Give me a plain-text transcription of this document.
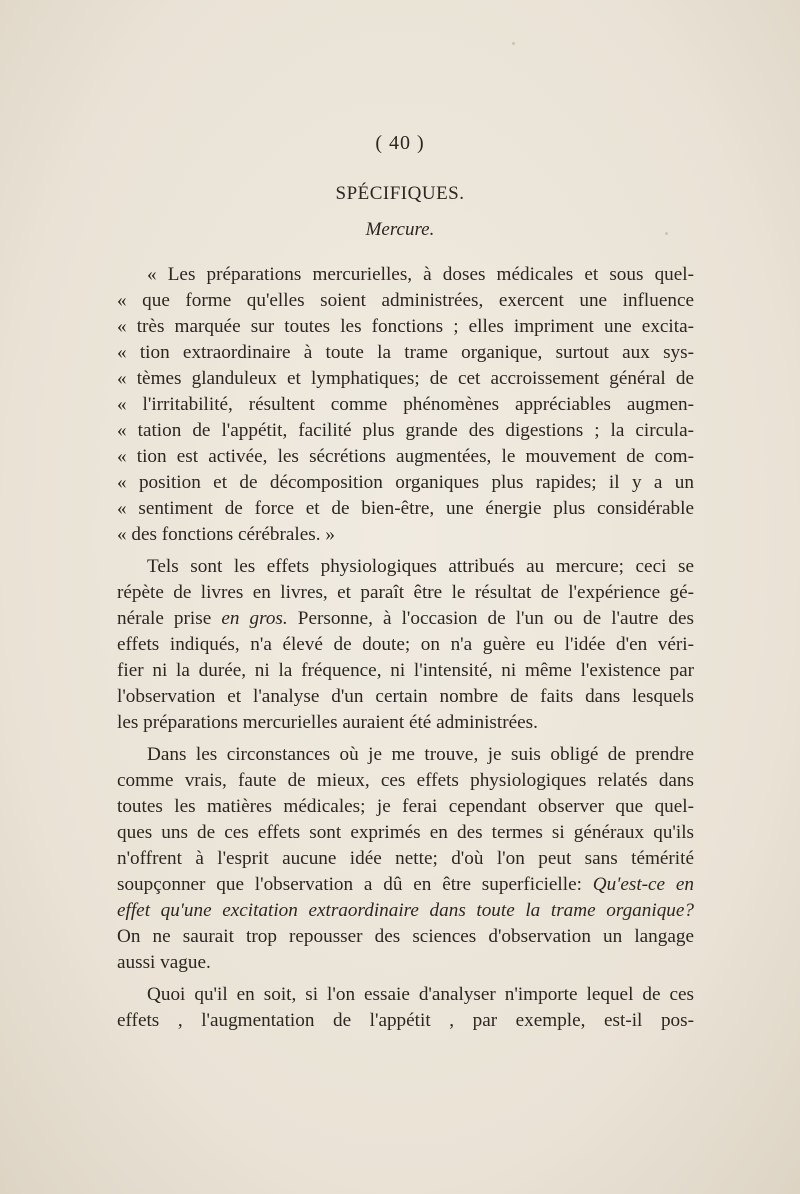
( 40 )
SPÉCIFIQUES.
Mercure.
« Les préparations mercurielles, à doses médicales et sous quel-
« que forme qu'elles soient administrées, exercent une influence
« très marquée sur toutes les fonctions ; elles impriment une excita-
« tion extraordinaire à toute la trame organique, surtout aux sys-
« tèmes glanduleux et lymphatiques; de cet accroissement général de
« l'irritabilité, résultent comme phénomènes appréciables augmen-
« tation de l'appétit, facilité plus grande des digestions ; la circula-
« tion est activée, les sécrétions augmentées, le mouvement de com-
« position et de décomposition organiques plus rapides; il y a un
« sentiment de force et de bien-être, une énergie plus considérable
« des fonctions cérébrales. »
Tels sont les effets physiologiques attribués au mercure; ceci se
répète de livres en livres, et paraît être le résultat de l'expérience gé-
nérale prise en gros. Personne, à l'occasion de l'un ou de l'autre des
effets indiqués, n'a élevé de doute; on n'a guère eu l'idée d'en véri-
fier ni la durée, ni la fréquence, ni l'intensité, ni même l'existence par
l'observation et l'analyse d'un certain nombre de faits dans lesquels
les préparations mercurielles auraient été administrées.
Dans les circonstances où je me trouve, je suis obligé de prendre
comme vrais, faute de mieux, ces effets physiologiques relatés dans
toutes les matières médicales; je ferai cependant observer que quel-
ques uns de ces effets sont exprimés en des termes si généraux qu'ils
n'offrent à l'esprit aucune idée nette; d'où l'on peut sans témérité
soupçonner que l'observation a dû en être superficielle: Qu'est-ce en
effet qu'une excitation extraordinaire dans toute la trame organique?
On ne saurait trop repousser des sciences d'observation un langage
aussi vague.
Quoi qu'il en soit, si l'on essaie d'analyser n'importe lequel de ces
effets , l'augmentation de l'appétit , par exemple, est-il pos-
